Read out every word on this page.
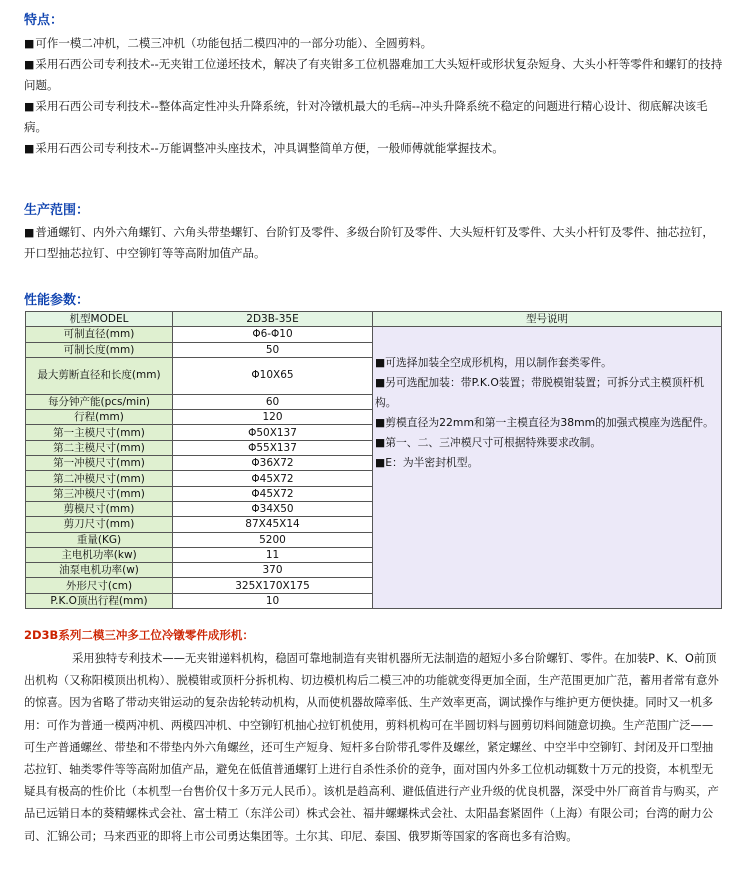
特点：
■可作一模二冲机，二模三冲机（功能包括二模四冲的一部分功能）、全圆剪料。
■采用石西公司专利技术--无夹钳工位递坯技术，解决了有夹钳多工位机器难加工大头短杆或形状复杂短身、大头小杆等零件和螺钉的技持问题。
■采用石西公司专利技术--整体高定性冲头升降系统，针对冷镦机最大的毛病--冲头升降系统不稳定的问题进行精心设计、彻底解决该毛病。
■采用石西公司专利技术--万能调整冲头座技术，冲具调整简单方便，一般师傅就能掌握技术。
生产范围：
■普通螺钉、内外六角螺钉、六角头带垫螺钉、台阶钉及零件、多级台阶钉及零件、大头短杆钉及零件、大头小杆钉及零件、抽芯拉钉，开口型抽芯拉钉、中空铆钉等等高附加值产品。
性能参数：
机型MODEL	2D3B-35E	型号说明
可制直径(mm)	Φ6-Φ10	■可选择加装全空成形机构，用以制作套类零件。
■另可选配加装：带P.K.O装置；带脱模钳装置；可拆分式主模顶杆机构。
■剪模直径为22mm和第一主模直径为38mm的加强式模座为选配件。
■第一、二、三冲模尺寸可根据特殊要求改制。
■E：为半密封机型。

可制长度(mm)	50	
最大剪断直径和长度(mm)	Φ10X65	
每分钟产能(pcs/min)	60	
行程(mm)	120	
第一主模尺寸(mm)	Φ50X137	
第二主模尺寸(mm)	Φ55X137	
第一冲模尺寸(mm)	Φ36X72	
第二冲模尺寸(mm)	Φ45X72	
第三冲模尺寸(mm)	Φ45X72	
剪模尺寸(mm)	Φ34X50	
剪刀尺寸(mm)	87X45X14	
重量(KG)	5200	
主电机功率(kw)	11	
油泵电机功率(w)	370	
外形尺寸(cm)	325X170X175	
P.K.O顶出行程(mm)	10	
2D3B系列二模三冲多工位冷镦零件成形机：
采用独特专利技术——无夹钳递料机构，稳固可靠地制造有夹钳机器所无法制造的超短小多台阶螺钉、零件。在加装P、K、O前顶出机构（又称阳模顶出机构）、脱模钳或顶杆分拆机构、切边模机构后二模三冲的功能就变得更加全面，生产范围更加广范，蓄用者常有意外的惊喜。因为省略了带动夹钳运动的复杂齿轮转动机构，从而使机器故障率低、生产效率更高，调试操作与维护更方便快捷。同时又一机多用：可作为普通一模两冲机、两模四冲机、中空铆钉机抽心拉钉机使用，剪料机构可在半圆切料与圆剪切料间随意切换。生产范围广泛——可生产普通螺丝、带垫和不带垫内外六角螺丝，还可生产短身、短杆多台阶带孔零件及螺丝，紧定螺丝、中空半中空铆钉、封闭及开口型抽芯拉钉、轴类零件等等高附加值产品，避免在低值普通螺钉上进行自杀性杀价的竞争，面对国内外多工位机动辄数十万元的投资，本机型无疑具有极高的性价比（本机型一台售价仅十多万元人民币）。该机是趋高利、避低值进行产业升级的优良机器，深受中外厂商首肯与购买，产品已远销日本的葵精螺株式会社、富士精工（东洋公司）株式会社、福井螺螺株式会社、太阳晶套紧固件（上海）有限公司；台湾的耐力公司、汇锦公司；马来西亚的即将上市公司勇达集团等。土尔其、印尼、泰国、俄罗斯等国家的客商也多有洽购。
